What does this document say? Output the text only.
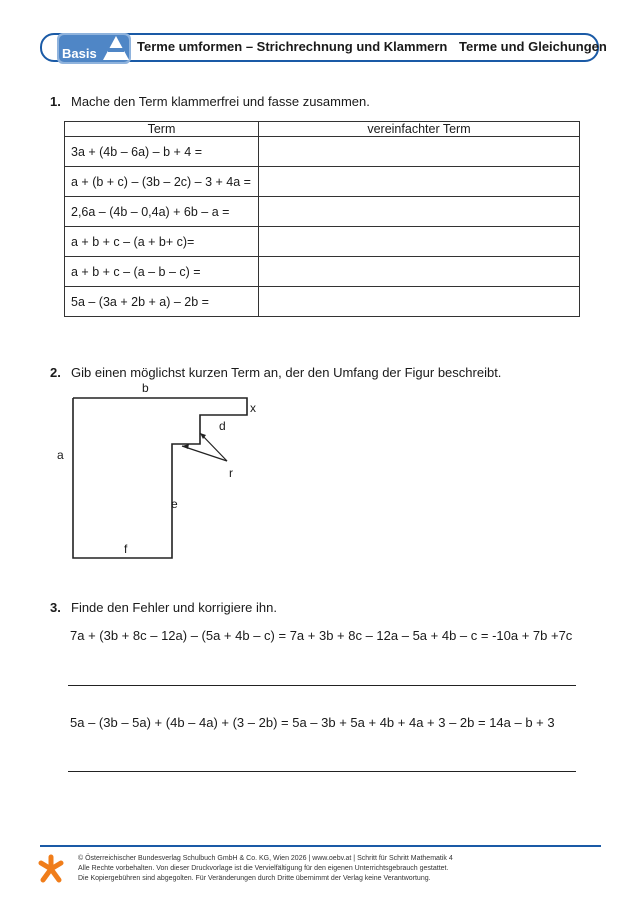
Basis	Terme umformen – Strichrechnung und Klammern Terme und Gleichungen
1. Mache den Term klammerfrei und fasse zusammen.
Term	vereinfachter Term
3a + (4b – 6a) – b + 4 =	
a + (b + c) – (3b – 2c) – 3 + 4a =	
2,6a – (4b – 0,4a) + 6b – a =	
a + b + c – (a + b+ c)=	
a + b + c – (a – b – c) =	
5a – (3a + 2b + a) – 2b =	
2. Gib einen möglichst kurzen Term an, der den Umfang der Figur beschreibt.
b
a
x
d
r
e
f
3. Finde den Fehler und korrigiere ihn.
7a + (3b + 8c – 12a) – (5a + 4b – c) = 7a + 3b + 8c – 12a – 5a + 4b – c = -10a + 7b +7c
5a – (3b – 5a) + (4b – 4a) + (3 – 2b) = 5a – 3b + 5a + 4b + 4a + 3 – 2b = 14a – b + 3
© Österreichischer Bundesverlag Schulbuch GmbH & Co. KG, Wien 2026 | www.oebv.at | Schritt für Schritt Mathematik 4
Alle Rechte vorbehalten. Von dieser Druckvorlage ist die Vervielfältigung für den eigenen Unterrichtsgebrauch gestattet.
Die Kopiergebühren sind abgegolten. Für Veränderungen durch Dritte übernimmt der Verlag keine Verantwortung.
